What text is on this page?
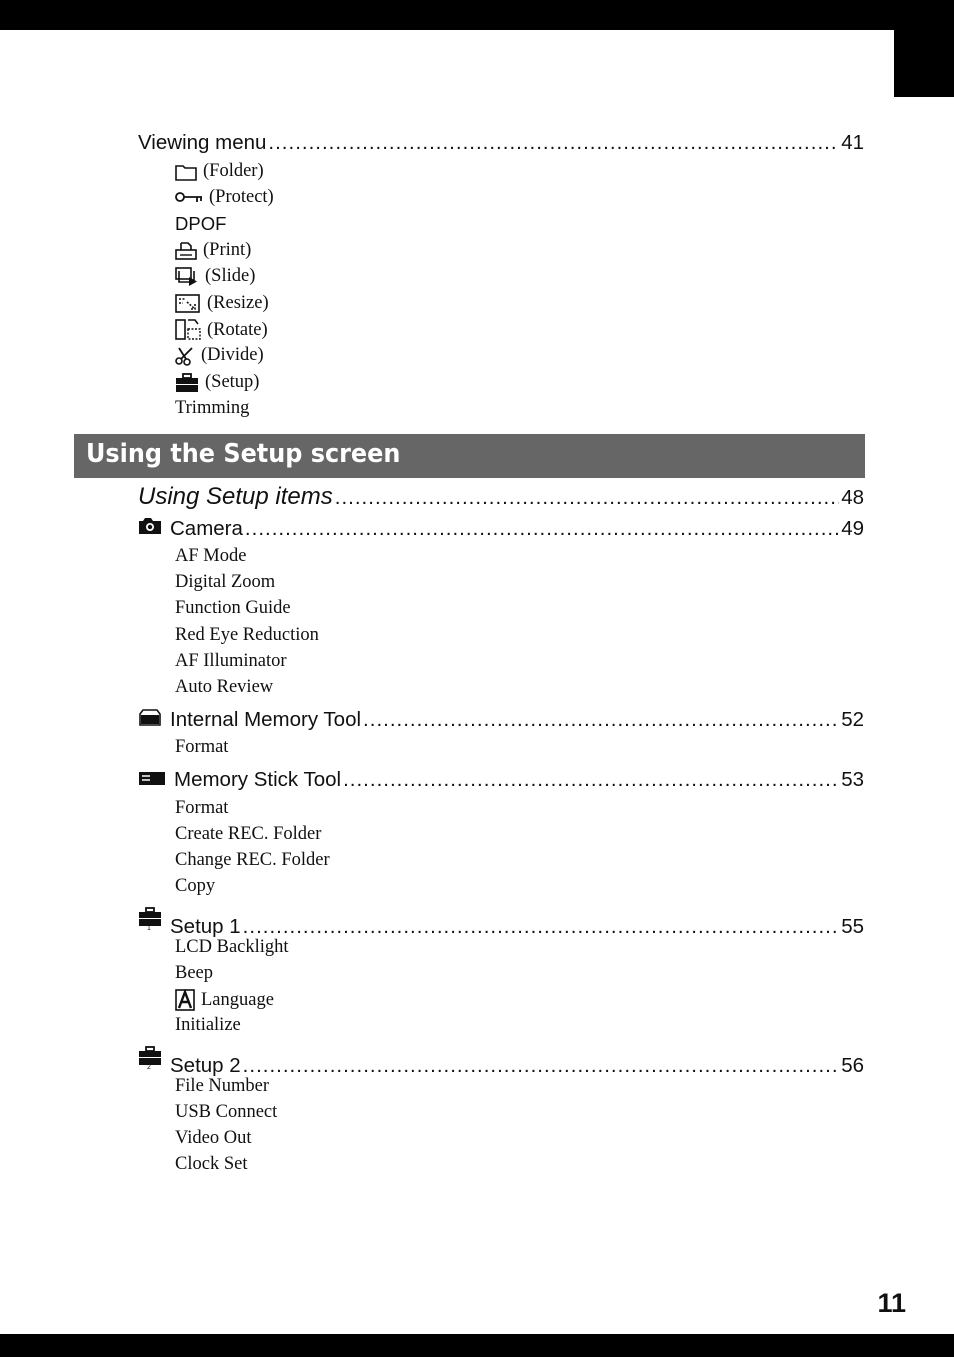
Viewing menu .....	41
(Folder)
(Protect)
DPOF
(Print)
(Slide)
(Resize)
(Rotate)
(Divide)
(Setup)
Trimming
Using the Setup screen
Using Setup items .....	48
Camera .....	49
AF Mode
Digital Zoom
Function Guide
Red Eye Reduction
AF Illuminator
Auto Review
Internal Memory Tool .....	52
Format
Memory Stick Tool .....	53
Format
Create REC. Folder
Change REC. Folder
Copy
1 Setup 1 .....	55
LCD Backlight
Beep
Language
Initialize
2 Setup 2 .....	56
File Number
USB Connect
Video Out
Clock Set
11
